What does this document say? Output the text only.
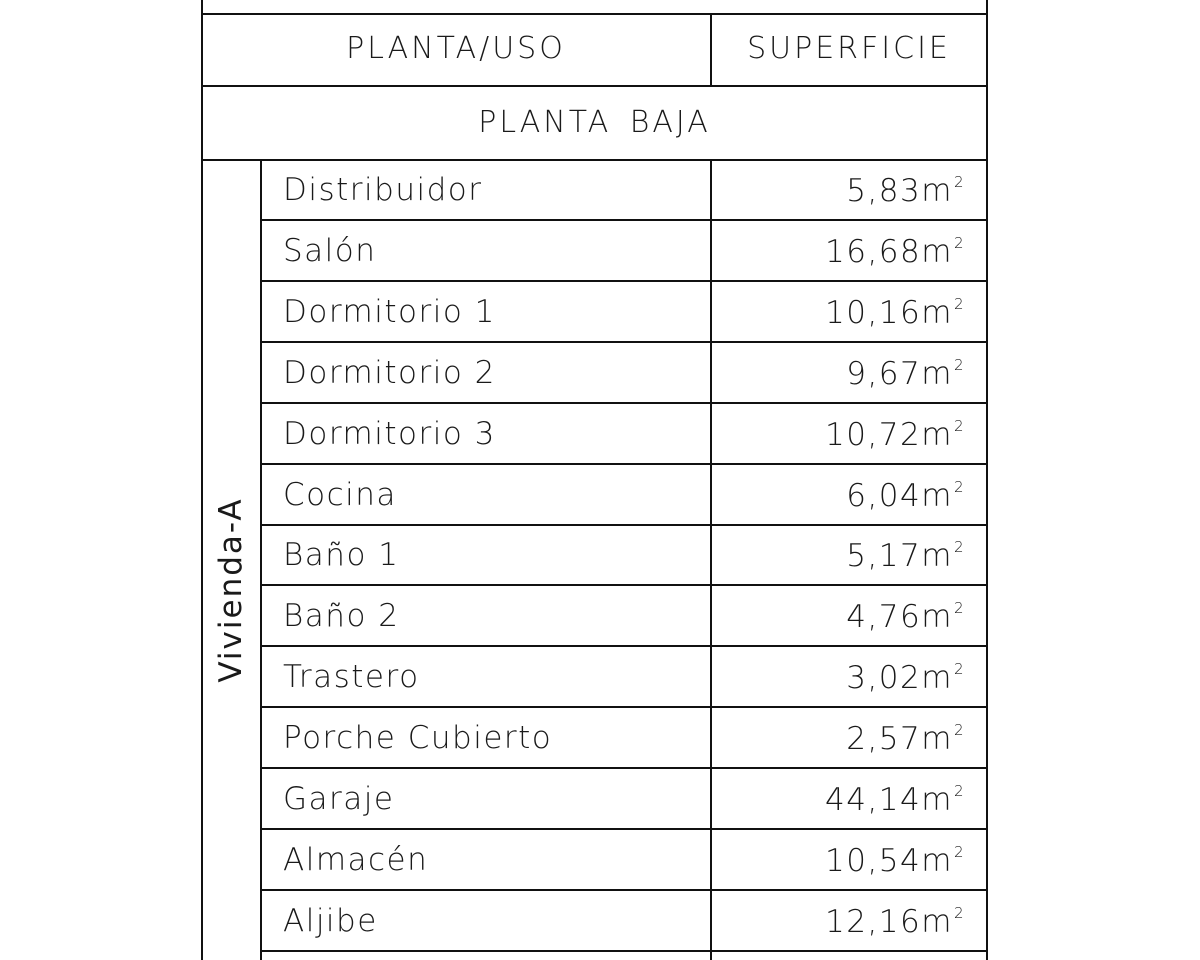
PLANTA/USO	SUPERFICIE
PLANTA BAJA
Vivienda-A
Distribuidor	$5,83m^2$
Salón	$16,68m^2$
Dormitorio 1	$10,16m^2$
Dormitorio 2	$9,67m^2$
Dormitorio 3	$10,72m^2$
Cocina	$6,04m^2$
Baño 1	$5,17m^2$
Baño 2	$4,76m^2$
Trastero	$3,02m^2$
Porche Cubierto	$2,57m^2$
Garaje	$44,14m^2$
Almacén	$10,54m^2$
Aljibe	$12,16m^2$
